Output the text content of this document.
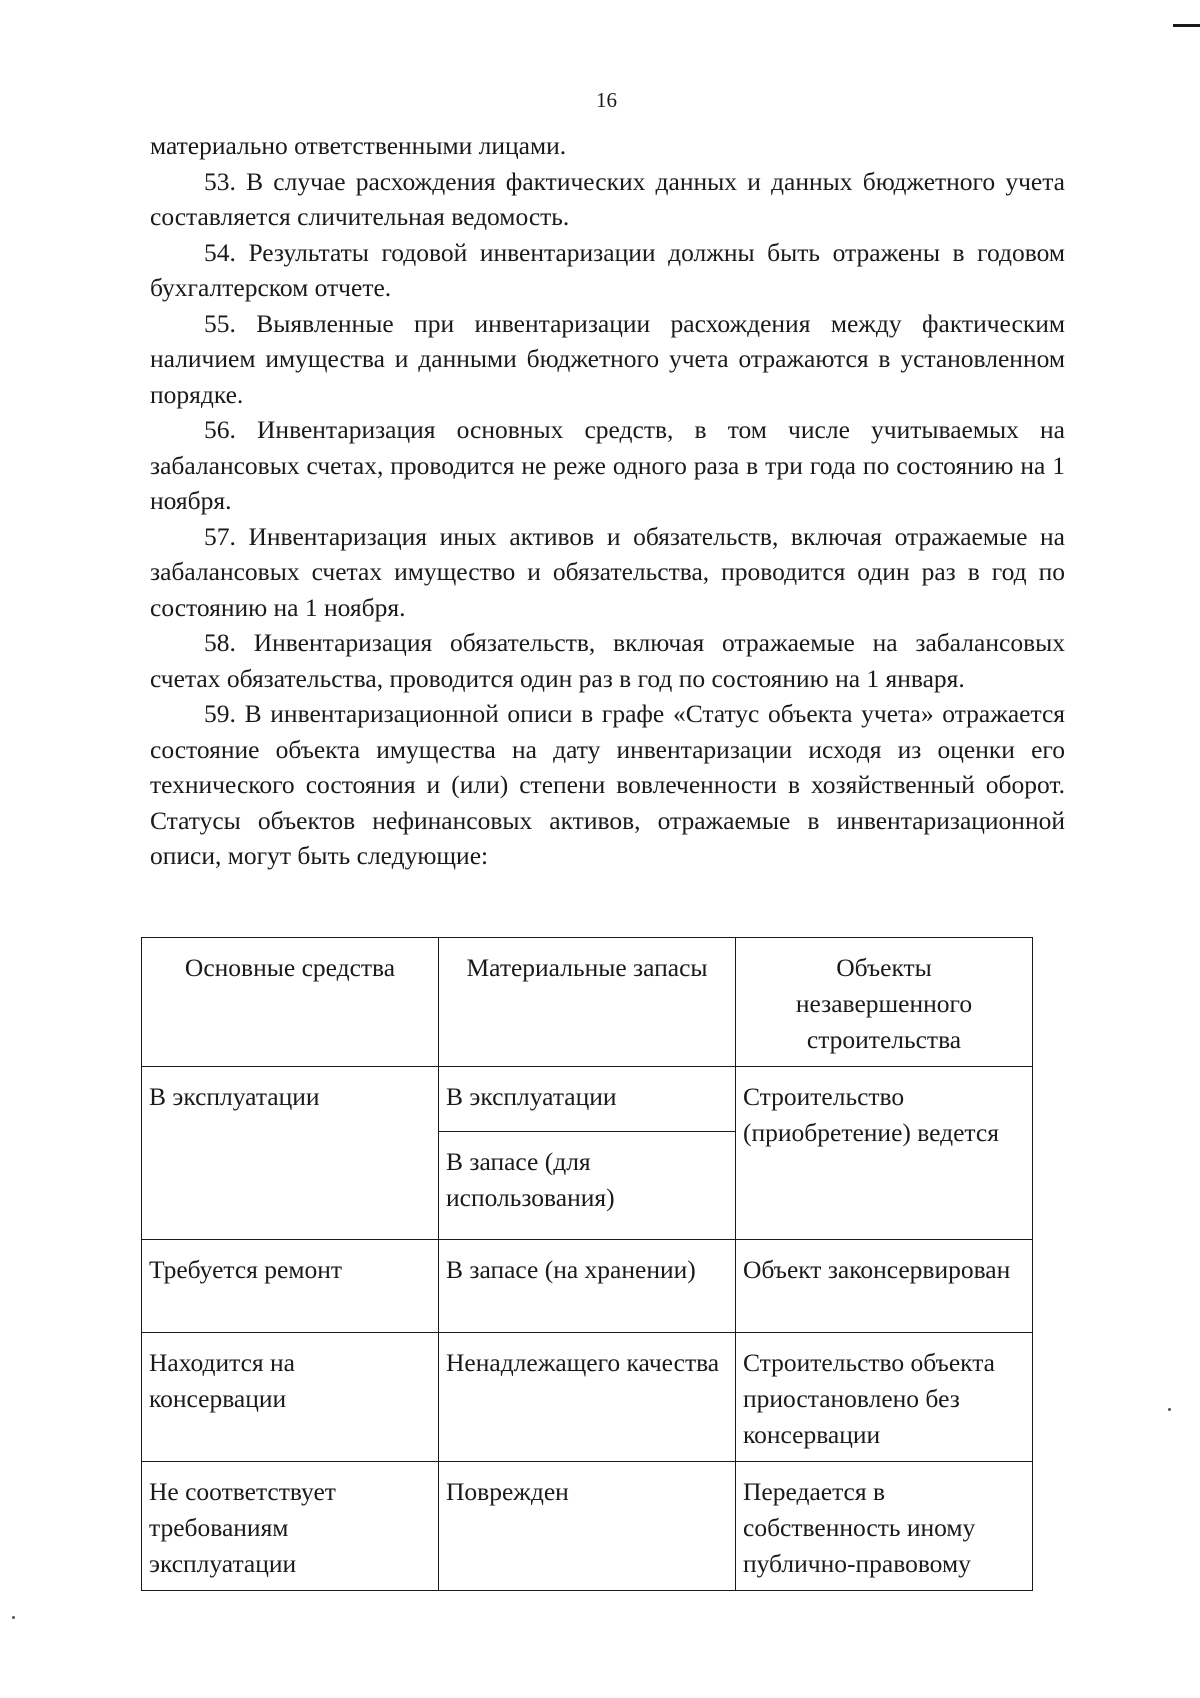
16

материально ответственными лицами.

53. В случае расхождения фактических данных и данных бюджетного учета составляется сличительная ведомость.

54. Результаты годовой инвентаризации должны быть отражены в годовом бухгалтерском отчете.

55. Выявленные при инвентаризации расхождения между фактическим наличием имущества и данными бюджетного учета отражаются в установленном порядке.

56. Инвентаризация основных средств, в том числе учитываемых на забалансовых счетах, проводится не реже одного раза в три года по состоянию на 1 ноября.

57. Инвентаризация иных активов и обязательств, включая отражаемые на забалансовых счетах имущество и обязательства, проводится один раз в год по состоянию на 1 ноября.

58. Инвентаризация обязательств, включая отражаемые на забалансовых счетах обязательства, проводится один раз в год по состоянию на 1 января.

59. В инвентаризационной описи в графе «Статус объекта учета» отражается состояние объекта имущества на дату инвентаризации исходя из оценки его технического состояния и (или) степени вовлеченности в хозяйственный оборот. Статусы объектов нефинансовых активов, отражаемые в инвентаризационной описи, могут быть следующие:

Основные средства	Материальные запасы	Объекты незавершенного строительства

В эксплуатации	В эксплуатации	Строительство (приобретение) ведется
	В запасе (для использования)	
Требуется ремонт	В запасе (на хранении)	Объект законсервирован
Находится на консервации	Ненадлежащего качества	Строительство объекта приостановлено без консервации
Не соответствует требованиям эксплуатации	Поврежден	Передается в собственность иному публично-правовому
